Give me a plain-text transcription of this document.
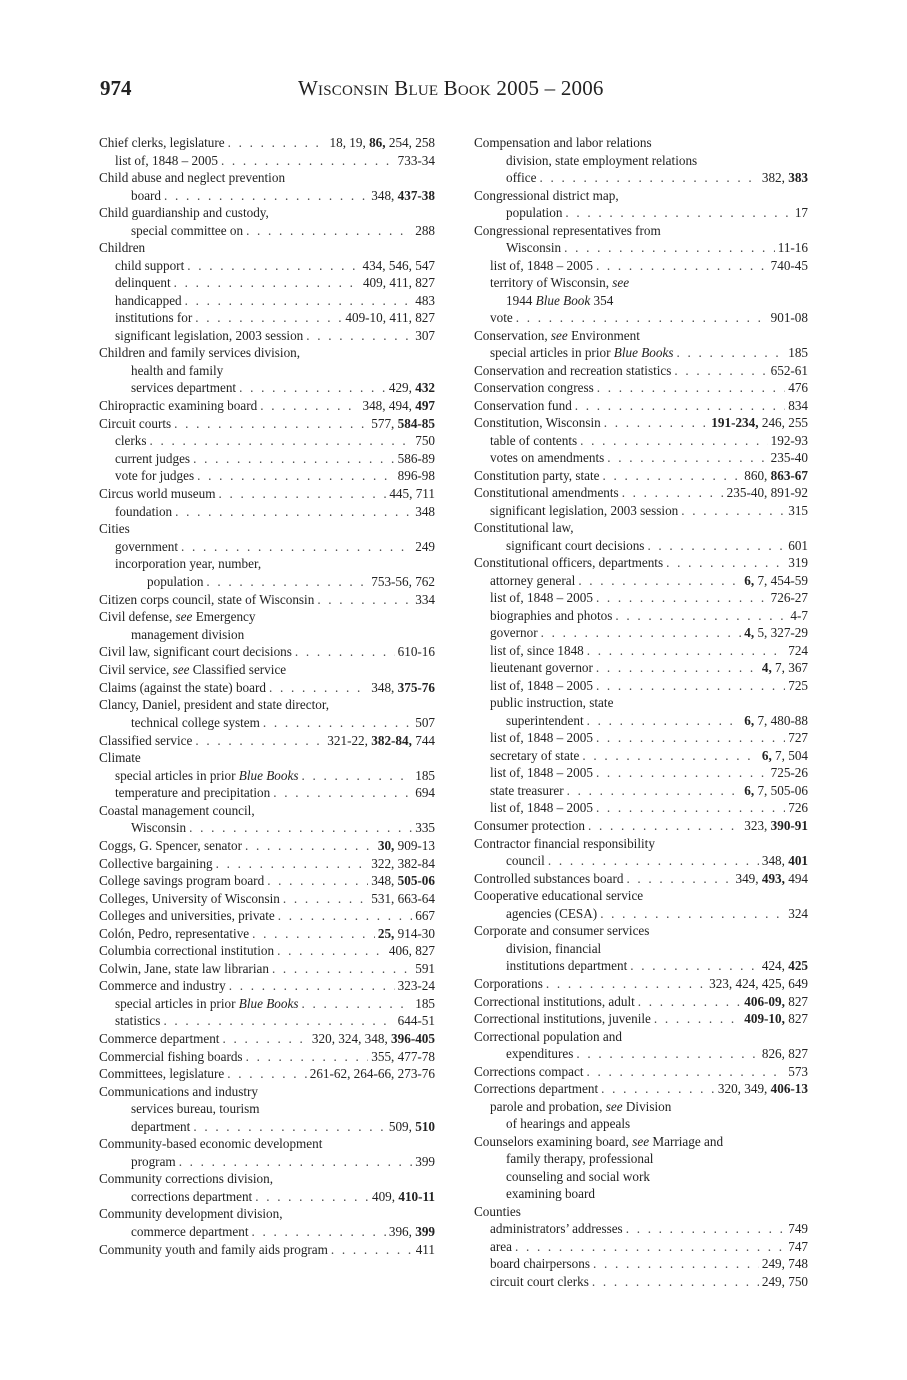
974	Wisconsin Blue Book 2005 – 2006
Chief clerks, legislature . . .	18, 19, 86, 254, 258
list of, 1848 – 2005 . . .	733-34
Child abuse and neglect prevention
board . . .	348, 437-38
Child guardianship and custody,
special committee on . . .	288
Children
child support . . .	434, 546, 547
delinquent . . .	409, 411, 827
handicapped . . .	483
institutions for . . .	409-10, 411, 827
significant legislation, 2003 session . . .	307
Children and family services division,
health and family
services department . . .	429, 432
Chiropractic examining board . . .	348, 494, 497
Circuit courts . . .	577, 584-85
clerks . . .	750
current judges . . .	586-89
vote for judges . . .	896-98
Circus world museum . . .	445, 711
foundation . . .	348
Cities
government . . .	249
incorporation year, number,
population . . .	753-56, 762
Citizen corps council, state of Wisconsin . . .	334
Civil defense, see Emergency
management division
Civil law, significant court decisions . . .	610-16
Civil service, see Classified service
Claims (against the state) board . . .	348, 375-76
Clancy, Daniel, president and state director,
technical college system . . .	507
Classified service . . .	321-22, 382-84, 744
Climate
special articles in prior Blue Books . . .	185
temperature and precipitation . . .	694
Coastal management council,
Wisconsin . . .	335
Coggs, G. Spencer, senator . . .	30, 909-13
Collective bargaining . . .	322, 382-84
College savings program board . . .	348, 505-06
Colleges, University of Wisconsin . . .	531, 663-64
Colleges and universities, private . . .	667
Colón, Pedro, representative . . .	25, 914-30
Columbia correctional institution . . .	406, 827
Colwin, Jane, state law librarian . . .	591
Commerce and industry . . .	323-24
special articles in prior Blue Books . . .	185
statistics . . .	644-51
Commerce department . . .	320, 324, 348, 396-405
Commercial fishing boards . . .	355, 477-78
Committees, legislature . . .	261-62, 264-66, 273-76
Communications and industry
services bureau, tourism
department . . .	509, 510
Community-based economic development
program . . .	399
Community corrections division,
corrections department . . .	409, 410-11
Community development division,
commerce department . . .	396, 399
Community youth and family aids program . . .	411
Compensation and labor relations
division, state employment relations
office . . .	382, 383
Congressional district map,
population . . .	17
Congressional representatives from
Wisconsin . . .	11-16
list of, 1848 – 2005 . . .	740-45
territory of Wisconsin, see
1944 Blue Book 354
vote . . .	901-08
Conservation, see Environment
special articles in prior Blue Books . . .	185
Conservation and recreation statistics . . .	652-61
Conservation congress . . .	476
Conservation fund . . .	834
Constitution, Wisconsin . . .	191-234, 246, 255
table of contents . . .	192-93
votes on amendments . . .	235-40
Constitution party, state . . .	860, 863-67
Constitutional amendments . . .	235-40, 891-92
significant legislation, 2003 session . . .	315
Constitutional law,
significant court decisions . . .	601
Constitutional officers, departments . . .	319
attorney general . . .	6, 7, 454-59
list of, 1848 – 2005 . . .	726-27
biographies and photos . . .	4-7
governor . . .	4, 5, 327-29
list of, since 1848 . . .	724
lieutenant governor . . .	4, 7, 367
list of, 1848 – 2005 . . .	725
public instruction, state
superintendent . . .	6, 7, 480-88
list of, 1848 – 2005 . . .	727
secretary of state . . .	6, 7, 504
list of, 1848 – 2005 . . .	725-26
state treasurer . . .	6, 7, 505-06
list of, 1848 – 2005 . . .	726
Consumer protection . . .	323, 390-91
Contractor financial responsibility
council . . .	348, 401
Controlled substances board . . .	349, 493, 494
Cooperative educational service
agencies (CESA) . . .	324
Corporate and consumer services
division, financial
institutions department . . .	424, 425
Corporations . . .	323, 424, 425, 649
Correctional institutions, adult . . .	406-09, 827
Correctional institutions, juvenile . . .	409-10, 827
Correctional population and
expenditures . . .	826, 827
Corrections compact . . .	573
Corrections department . . .	320, 349, 406-13
parole and probation, see Division
of hearings and appeals
Counselors examining board, see Marriage and
family therapy, professional
counseling and social work
examining board
Counties
administrators’ addresses . . .	749
area . . .	747
board chairpersons . . .	249, 748
circuit court clerks . . .	249, 750
